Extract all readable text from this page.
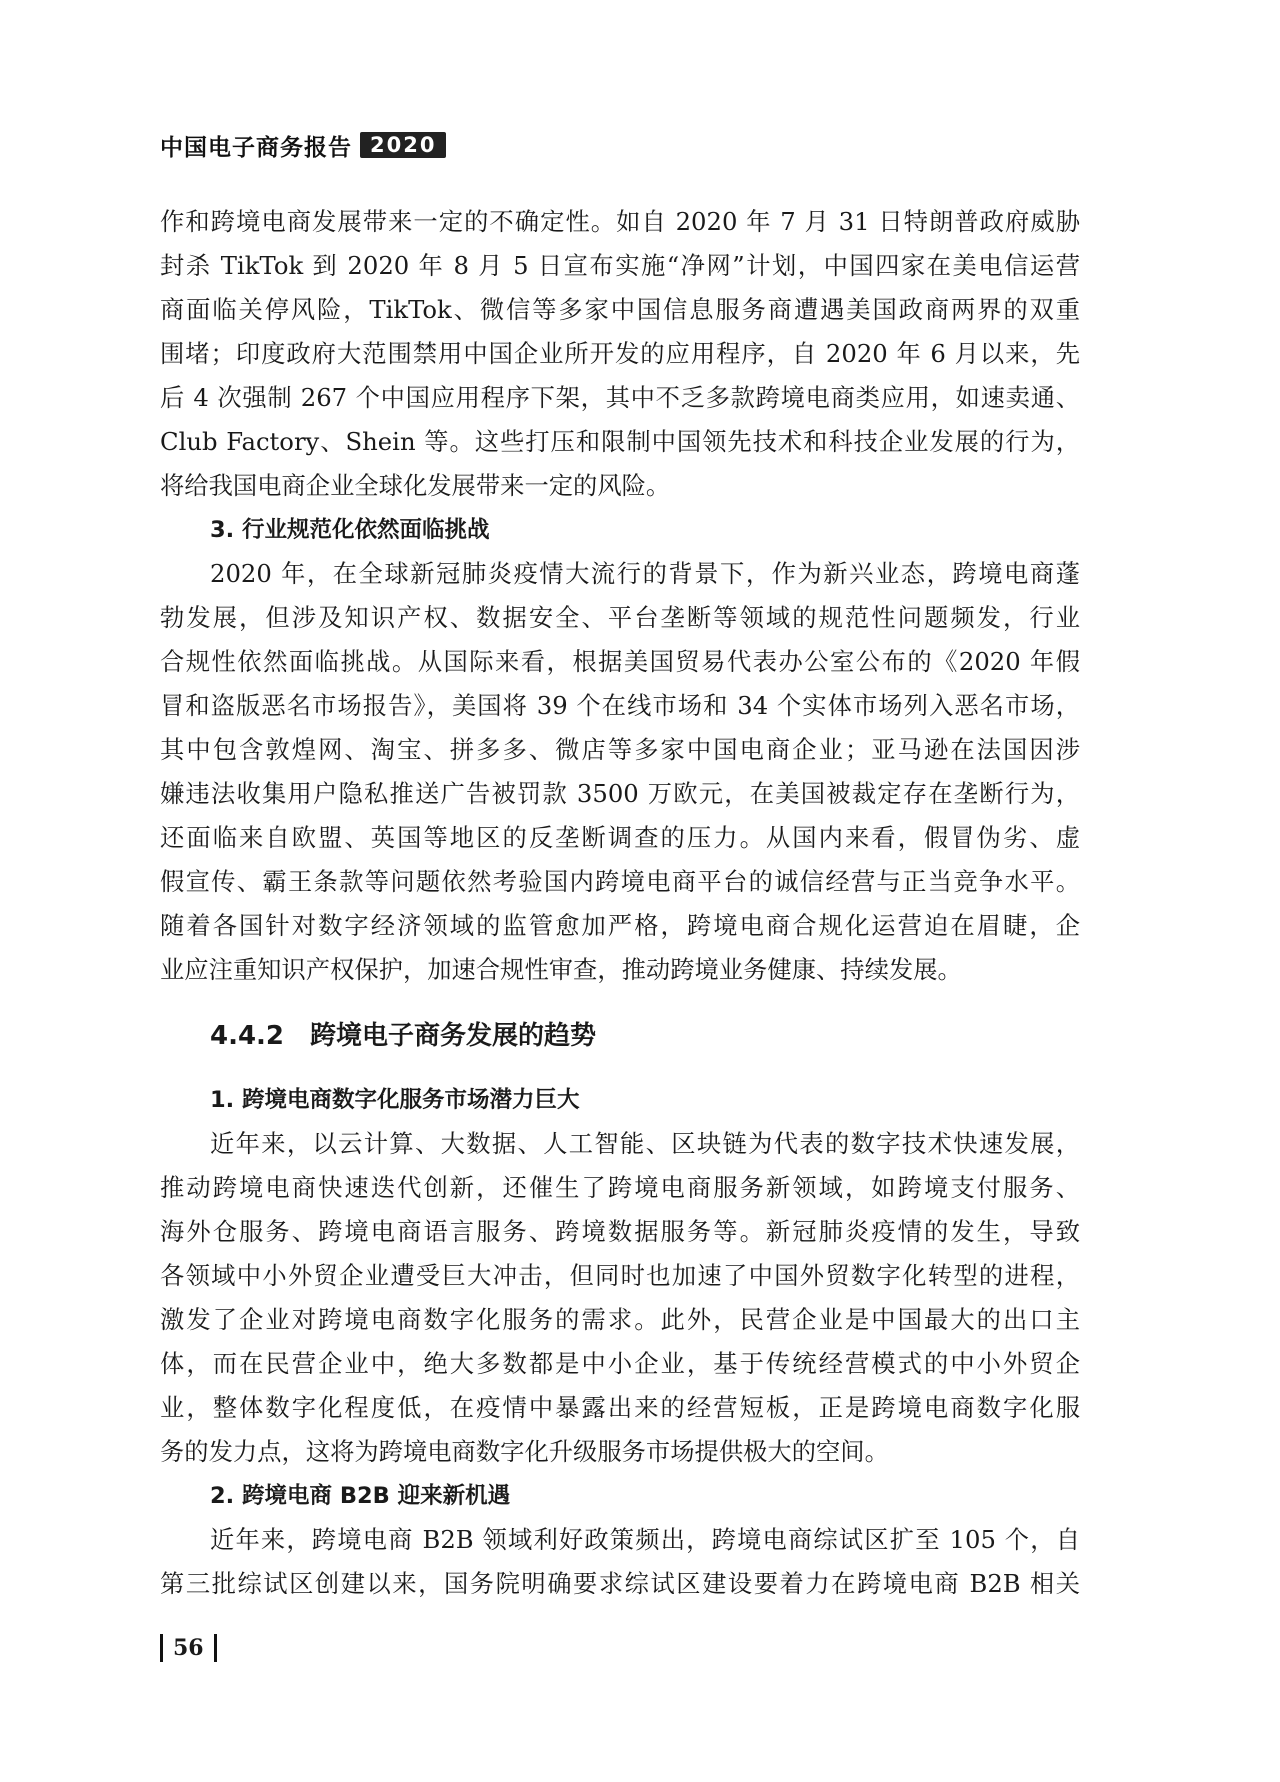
中国电子商务报告 2020

作和跨境电商发展带来一定的不确定性。如自 2020 年 7 月 31 日特朗普政府威胁

封杀 TikTok 到 2020 年 8 月 5 日宣布实施“净网”计划，中国四家在美电信运营

商面临关停风险，TikTok、微信等多家中国信息服务商遭遇美国政商两界的双重

围堵；印度政府大范围禁用中国企业所开发的应用程序，自 2020 年 6 月以来，先

后 4 次强制 267 个中国应用程序下架，其中不乏多款跨境电商类应用，如速卖通、

Club Factory、Shein 等。这些打压和限制中国领先技术和科技企业发展的行为，

将给我国电商企业全球化发展带来一定的风险。

3. 行业规范化依然面临挑战

2020 年，在全球新冠肺炎疫情大流行的背景下，作为新兴业态，跨境电商蓬

勃发展，但涉及知识产权、数据安全、平台垄断等领域的规范性问题频发，行业

合规性依然面临挑战。从国际来看，根据美国贸易代表办公室公布的《2020 年假

冒和盗版恶名市场报告》，美国将 39 个在线市场和 34 个实体市场列入恶名市场，

其中包含敦煌网、淘宝、拼多多、微店等多家中国电商企业；亚马逊在法国因涉

嫌违法收集用户隐私推送广告被罚款 3500 万欧元，在美国被裁定存在垄断行为，

还面临来自欧盟、英国等地区的反垄断调查的压力。从国内来看，假冒伪劣、虚

假宣传、霸王条款等问题依然考验国内跨境电商平台的诚信经营与正当竞争水平。

随着各国针对数字经济领域的监管愈加严格，跨境电商合规化运营迫在眉睫，企

业应注重知识产权保护，加速合规性审查，推动跨境业务健康、持续发展。

4.4.2 跨境电子商务发展的趋势
1. 跨境电商数字化服务市场潜力巨大

近年来，以云计算、大数据、人工智能、区块链为代表的数字技术快速发展，

推动跨境电商快速迭代创新，还催生了跨境电商服务新领域，如跨境支付服务、

海外仓服务、跨境电商语言服务、跨境数据服务等。新冠肺炎疫情的发生，导致

各领域中小外贸企业遭受巨大冲击，但同时也加速了中国外贸数字化转型的进程，

激发了企业对跨境电商数字化服务的需求。此外，民营企业是中国最大的出口主

体，而在民营企业中，绝大多数都是中小企业，基于传统经营模式的中小外贸企

业，整体数字化程度低，在疫情中暴露出来的经营短板，正是跨境电商数字化服

务的发力点，这将为跨境电商数字化升级服务市场提供极大的空间。

2. 跨境电商 B2B 迎来新机遇

近年来，跨境电商 B2B 领域利好政策频出，跨境电商综试区扩至 105 个，自

第三批综试区创建以来，国务院明确要求综试区建设要着力在跨境电商 B2B 相关

56
